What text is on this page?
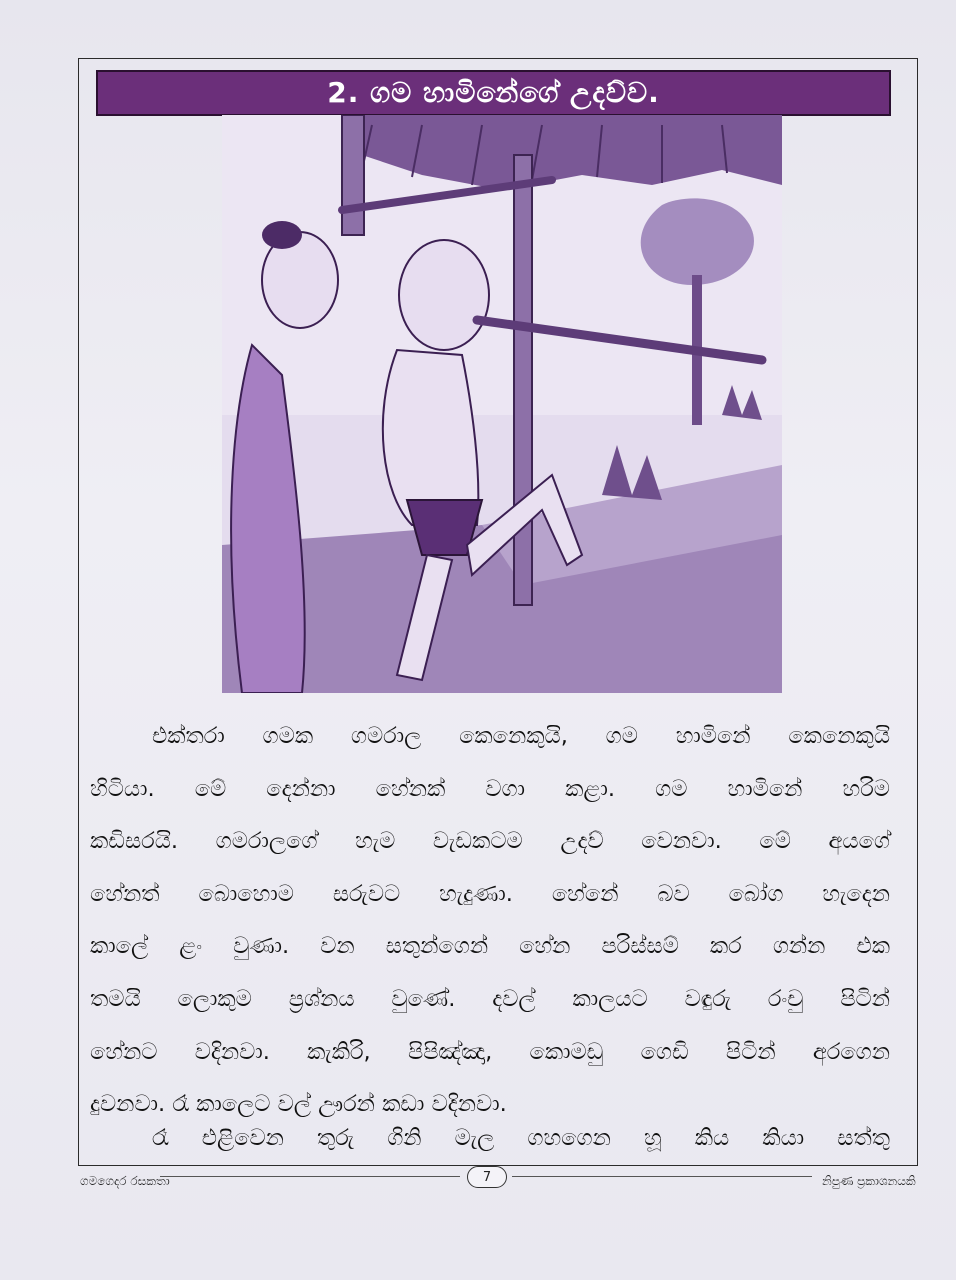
2. ගම හාමිනේගේ උදව්ව.
එක්තරා ගමක ගමරාල කෙනෙකුයි, ගම හාමිනේ කෙනෙකුයි
හිටියා. මේ දෙන්නා හේනක් වගා කළා. ගම හාමිනේ හරිම
කඩිසරයි. ගමරාලගේ හැම වැඩකටම උදව් වෙනවා. මේ අයගේ
හේනත් බොහොම සරුවට හැදුණා. හේනේ බව බෝග හැදෙන
කාලේ ළං වුණා. වන සතුන්ගෙන් හේන පරිස්සම් කර ගන්න එක
තමයි ලොකුම ප්‍රශ්නය වුණේ. දවල් කාලයට වඳුරු රංචු පිටින්
හේනට වදිනවා. කැකිරි, පිපිඤ්ඤා, කොමඩු ගෙඩි පිටින් අරගෙන
දුවනවා. රෑ කාලෙට වල් ඌරන් කඩා වදිනවා.
රෑ එළිවෙන තුරු ගිනි මැල ගහගෙන හූ කිය කියා සත්තු
ගමගෙදර රසකතා	7	නිපුණ ප්‍රකාශනයකි
